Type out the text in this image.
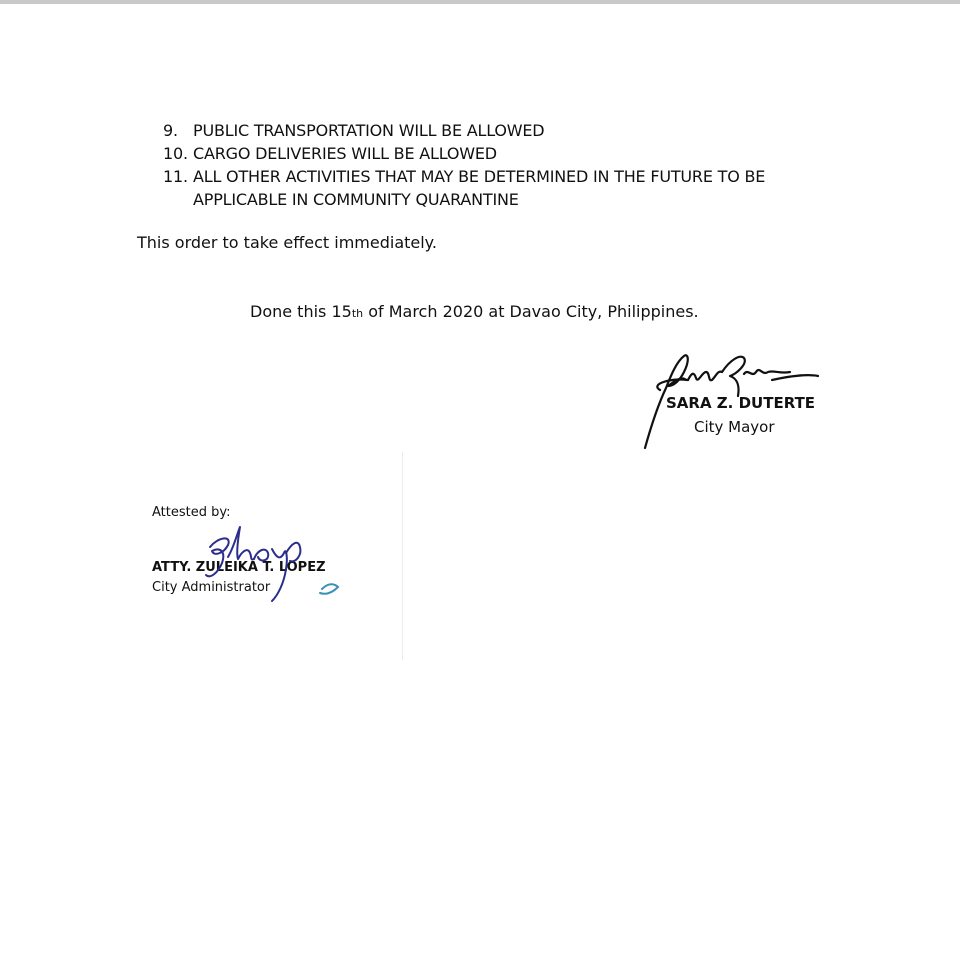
9. PUBLIC TRANSPORTATION WILL BE ALLOWED
10. CARGO DELIVERIES WILL BE ALLOWED
11. ALL OTHER ACTIVITIES THAT MAY BE DETERMINED IN THE FUTURE TO BE APPLICABLE IN COMMUNITY QUARANTINE
This order to take effect immediately.
Done this 15th of March 2020 at Davao City, Philippines.
SARA Z. DUTERTE
City Mayor
Attested by:
ATTY. ZULEIKA T. LOPEZ
City Administrator
